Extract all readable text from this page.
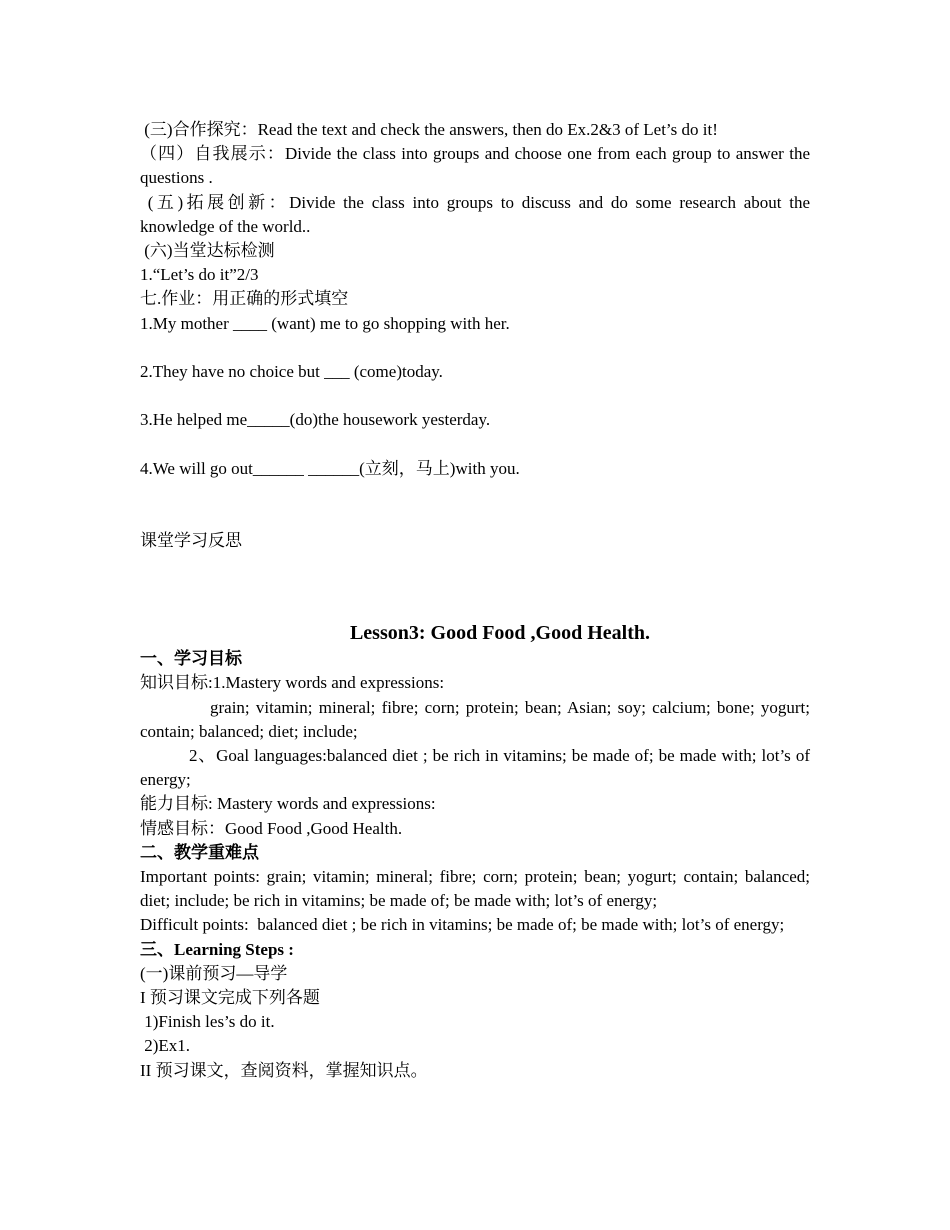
(三)合作探究：Read the text and check the answers, then do Ex.2&3 of Let’s do it!
（四）自我展示：Divide the class into groups and choose one from each group to answer the questions .
(五)拓展创新：Divide the class into groups to discuss and do some research about the knowledge of the world..
(六)当堂达标检测
1.“Let’s do it”2/3
七.作业：用正确的形式填空
1.My mother ____ (want) me to go shopping with her.
2.They have no choice but ___ (come)today.
3.He helped me_____(do)the housework yesterday.
4.We will go out______ ______(立刻，马上)with you.
课堂学习反思
Lesson3: Good Food ,Good Health.
一、学习目标
知识目标:1.Mastery words and expressions:
grain; vitamin; mineral; fibre; corn; protein; bean; Asian; soy; calcium; bone; yogurt; contain; balanced; diet; include;
2、Goal languages:balanced diet ; be rich in vitamins; be made of; be made with; lot’s of energy;
能力目标: Mastery words and expressions:
情感目标：Good Food ,Good Health.
二、教学重难点
Important points: grain; vitamin; mineral; fibre; corn; protein; bean; yogurt; contain; balanced; diet; include; be rich in vitamins; be made of; be made with; lot’s of energy;
Difficult points:  balanced diet ; be rich in vitamins; be made of; be made with; lot’s of energy;
三、Learning Steps :
(一)课前预习—导学
I 预习课文完成下列各题
1)Finish les’s do it.
2)Ex1.
II 预习课文，查阅资料，掌握知识点。
